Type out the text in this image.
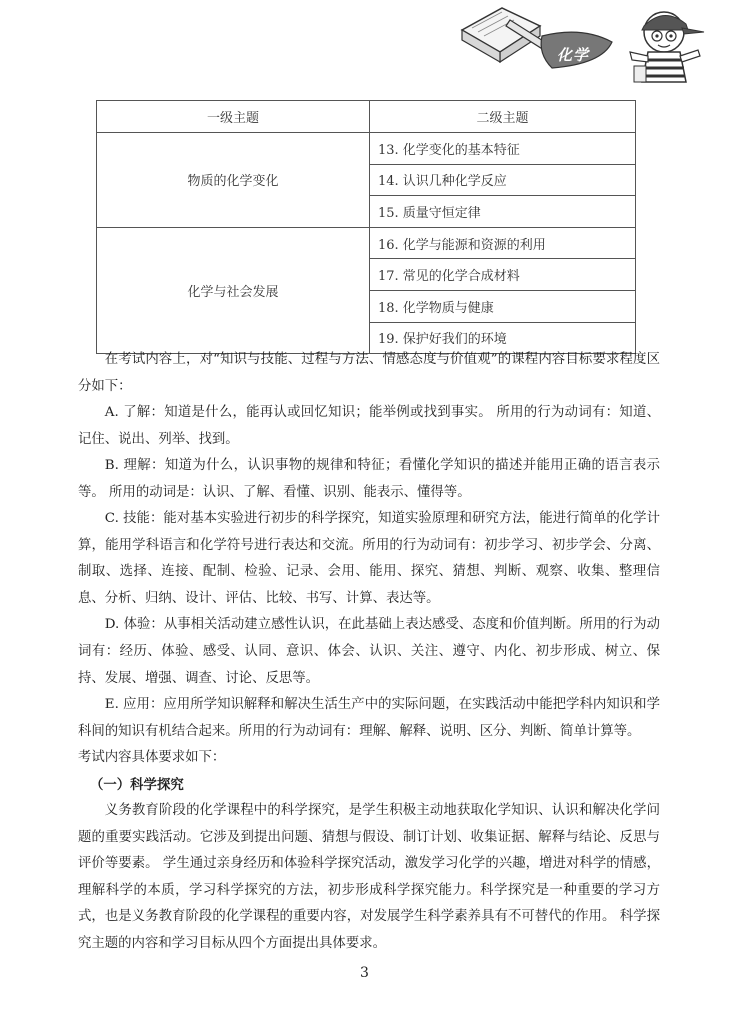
化学
一级主题	二级主题
物质的化学变化	13. 化学变化的基本特征
	14. 认识几种化学反应
	15. 质量守恒定律
化学与社会发展	16. 化学与能源和资源的利用
	17. 常见的化学合成材料
	18. 化学物质与健康
	19. 保护好我们的环境

在考试内容上，对“知识与技能、过程与方法、情感态度与价值观”的课程内容目标要求程度区分如下：

A. 了解：知道是什么，能再认或回忆知识；能举例或找到事实。 所用的行为动词有：知道、记住、说出、列举、找到。

B. 理解：知道为什么，认识事物的规律和特征；看懂化学知识的描述并能用正确的语言表示等。 所用的动词是：认识、了解、看懂、识别、能表示、懂得等。

C. 技能：能对基本实验进行初步的科学探究，知道实验原理和研究方法，能进行简单的化学计算，能用学科语言和化学符号进行表达和交流。所用的行为动词有：初步学习、初步学会、分离、制取、选择、连接、配制、检验、记录、会用、能用、探究、猜想、判断、观察、收集、整理信息、分析、归纳、设计、评估、比较、书写、计算、表达等。

D. 体验：从事相关活动建立感性认识，在此基础上表达感受、态度和价值判断。所用的行为动词有：经历、体验、感受、认同、意识、体会、认识、关注、遵守、内化、初步形成、树立、保持、发展、增强、调查、讨论、反思等。

E. 应用：应用所学知识解释和解决生活生产中的实际问题，在实践活动中能把学科内知识和学科间的知识有机结合起来。所用的行为动词有：理解、解释、说明、区分、判断、简单计算等。

考试内容具体要求如下：

（一）科学探究

义务教育阶段的化学课程中的科学探究，是学生积极主动地获取化学知识、认识和解决化学问题的重要实践活动。它涉及到提出问题、猜想与假设、制订计划、收集证据、解释与结论、反思与评价等要素。 学生通过亲身经历和体验科学探究活动，激发学习化学的兴趣，增进对科学的情感，理解科学的本质，学习科学探究的方法，初步形成科学探究能力。科学探究是一种重要的学习方式，也是义务教育阶段的化学课程的重要内容，对发展学生科学素养具有不可替代的作用。 科学探究主题的内容和学习目标从四个方面提出具体要求。

3
